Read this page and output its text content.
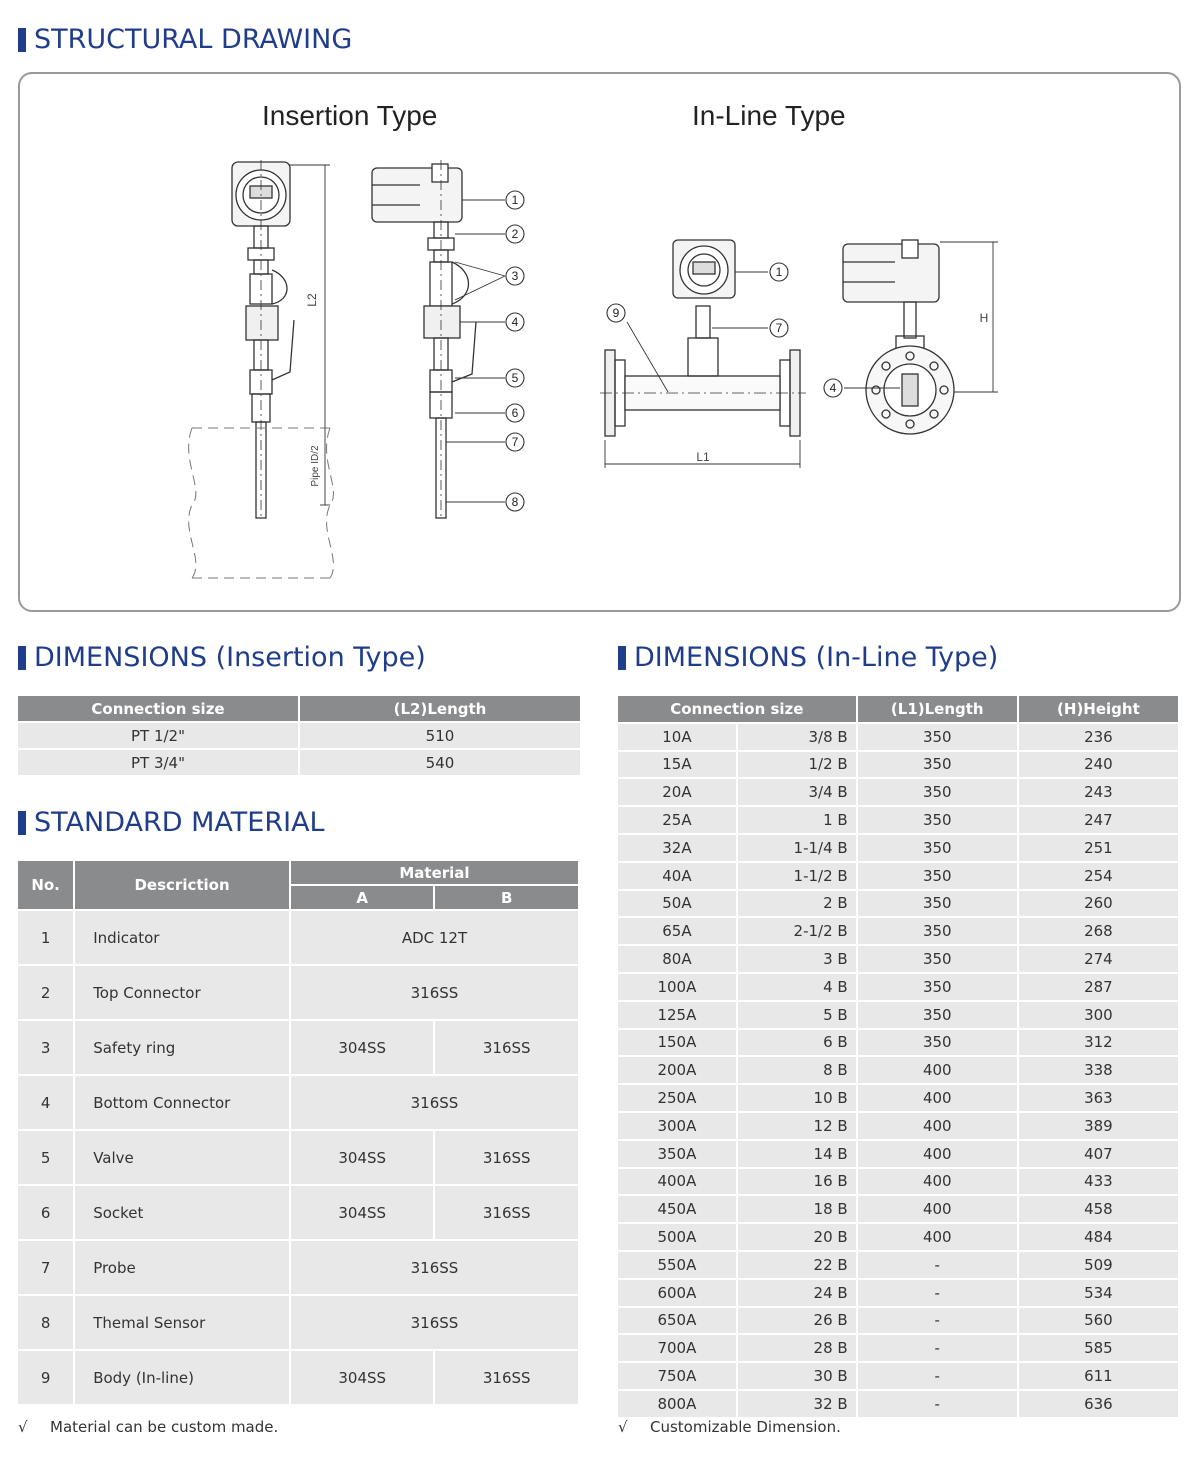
STRUCTURAL DRAWING
Insertion Type	In-Line Type
1
2
3
4
5
6
7
8
1
7
4
9
L2
Pipe ID/2	L1
H
DIMENSIONS (Insertion Type)
Connection size	(L2)Length
PT 1/2"	510
PT 3/4"	540
STANDARD MATERIAL
No.	Descriction	Material	
		A	B
1	Indicator	ADC 12T	
2	Top Connector	316SS	
3	Safety ring	304SS	316SS
4	Bottom Connector	316SS	
5	Valve	304SS	316SS
6	Socket	304SS	316SS
7	Probe	316SS	
8	Themal Sensor	316SS	
9	Body (In-line)	304SS	316SS
√ Material can be custom made.
DIMENSIONS (In-Line Type)
Connection size		(L1)Length	(H)Height
10A	3/8 B	350	236
15A	1/2 B	350	240
20A	3/4 B	350	243
25A	1 B	350	247
32A	1-1/4 B	350	251
40A	1-1/2 B	350	254
50A	2 B	350	260
65A	2-1/2 B	350	268
80A	3 B	350	274
100A	4 B	350	287
125A	5 B	350	300
150A	6 B	350	312
200A	8 B	400	338
250A	10 B	400	363
300A	12 B	400	389
350A	14 B	400	407
400A	16 B	400	433
450A	18 B	400	458
500A	20 B	400	484
550A	22 B	-	509
600A	24 B	-	534
650A	26 B	-	560
700A	28 B	-	585
750A	30 B	-	611
800A	32 B	-	636
√ Customizable Dimension.
